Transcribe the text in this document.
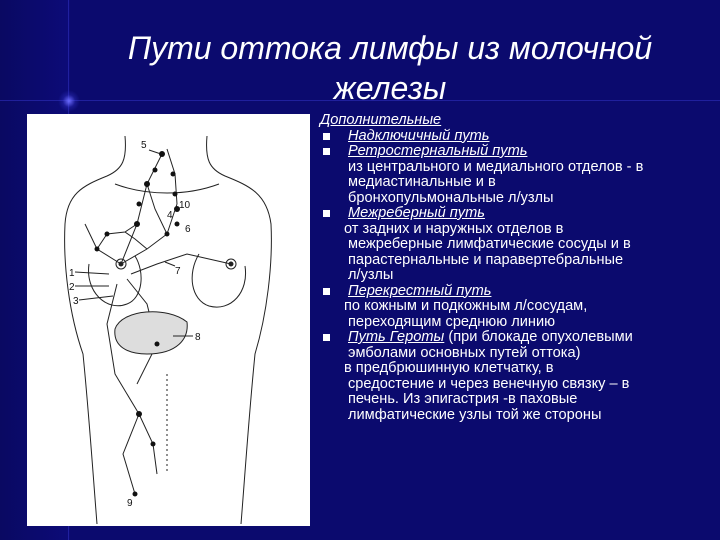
Пути оттока лимфы из молочной
железы
5
10
4
6
1
2
3
7
8
9

Дополнительные

Надключичный путь

Ретростернальный путь

из центрального и медиального отделов - в

медиастинальные и в

бронхопульмональные л/узлы

Межреберный путь

от задних и наружных отделов в

межреберные лимфатические сосуды и в

парастернальные и паравертебральные

л/узлы

Перекрестный путь

по кожным и подкожным л/сосудам,

переходящим среднюю линию

Путь Героты (при блокаде опухолевыми

эмболами основных путей оттока)

в предбрюшинную клетчатку, в

средостение и через венечную связку – в

печень. Из эпигастрия -в паховые

лимфатические узлы той же стороны
